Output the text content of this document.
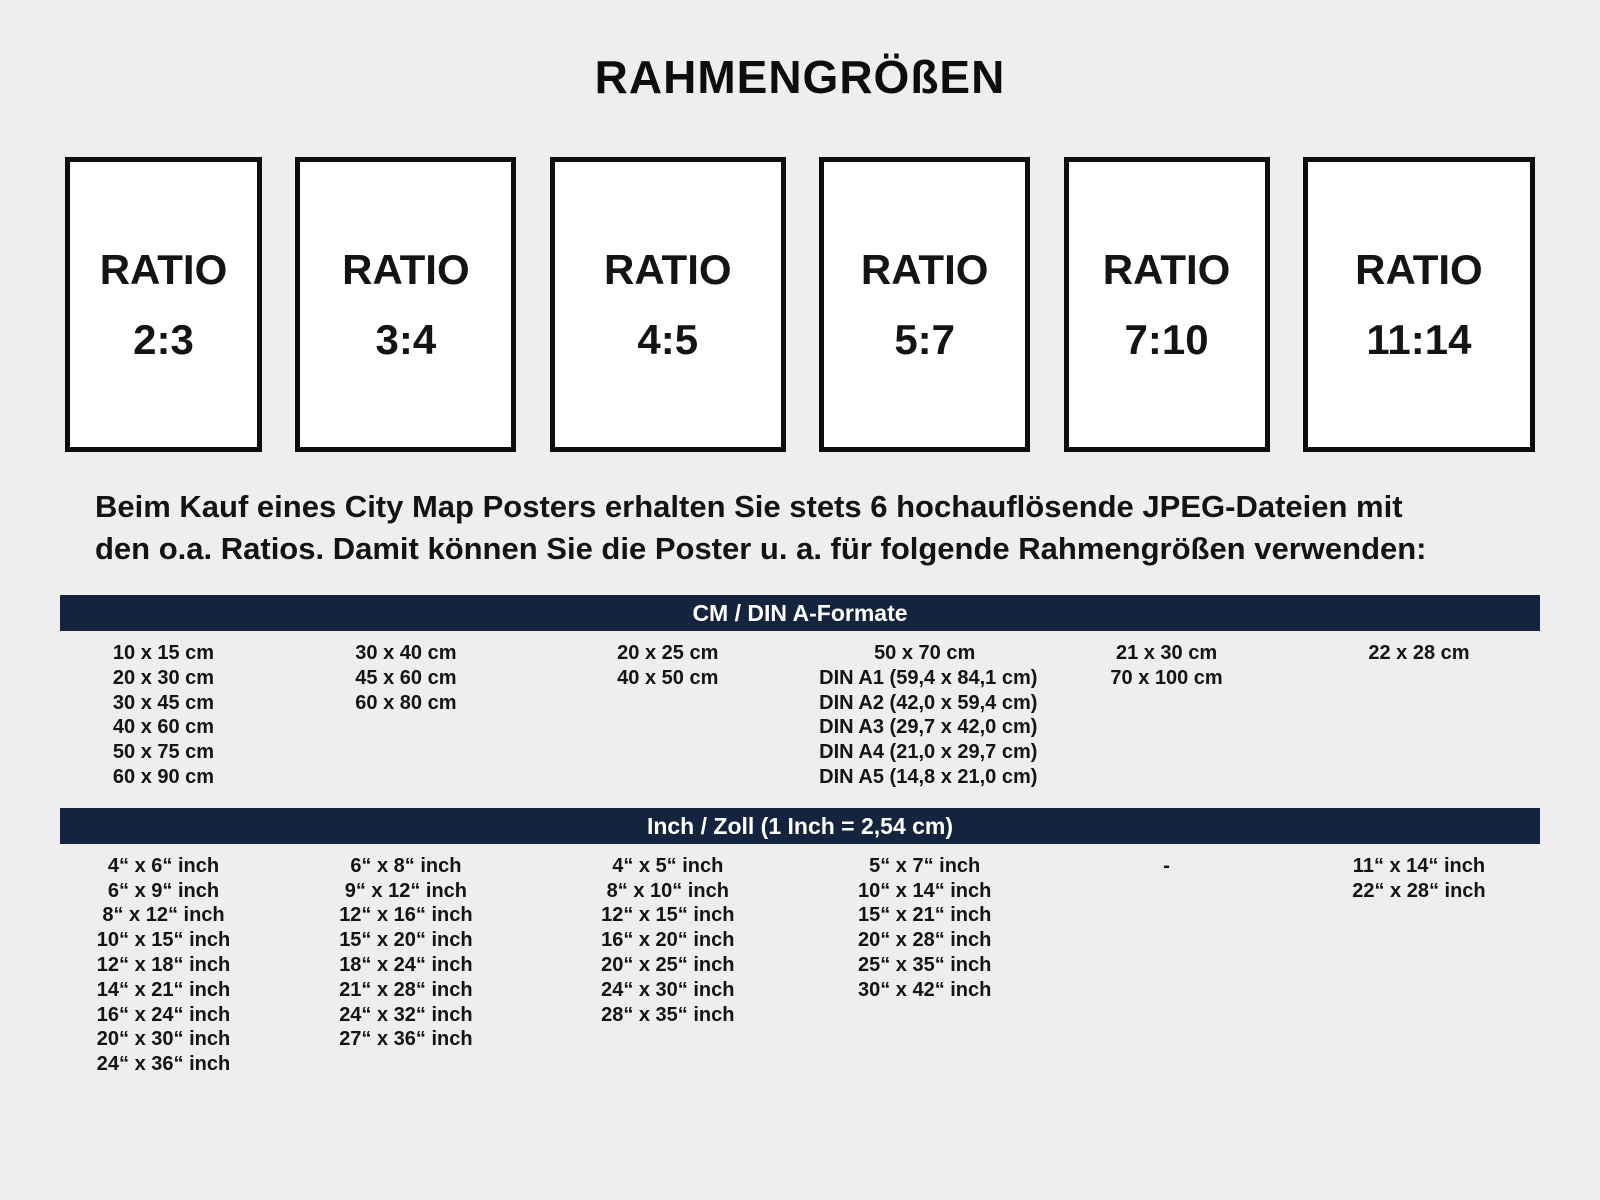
RAHMENGRÖßEN
RATIO
2:3
RATIO
3:4
RATIO
4:5
RATIO
5:7
RATIO
7:10
RATIO
11:14

Beim Kauf eines City Map Posters erhalten Sie stets 6 hochauflösende JPEG-Dateien mit
den o.a. Ratios. Damit können Sie die Poster u. a. für folgende Rahmengrößen verwenden:

CM / DIN A-Formate
10 x 15 cm
20 x 30 cm
30 x 45 cm
40 x 60 cm
50 x 75 cm
60 x 90 cm
30 x 40 cm
45 x 60 cm
60 x 80 cm
20 x 25 cm
40 x 50 cm
50 x 70 cm
DIN A1 (59,4 x 84,1 cm)
DIN A2 (42,0 x 59,4 cm)
DIN A3 (29,7 x 42,0 cm)
DIN A4 (21,0 x 29,7 cm)
DIN A5 (14,8 x 21,0 cm)
21 x 30 cm
70 x 100 cm
22 x 28 cm
Inch / Zoll (1 Inch = 2,54 cm)
4“ x 6“ inch
6“ x 9“ inch
8“ x 12“ inch
10“ x 15“ inch
12“ x 18“ inch
14“ x 21“ inch
16“ x 24“ inch
20“ x 30“ inch
24“ x 36“ inch
6“ x 8“ inch
9“ x 12“ inch
12“ x 16“ inch
15“ x 20“ inch
18“ x 24“ inch
21“ x 28“ inch
24“ x 32“ inch
27“ x 36“ inch
4“ x 5“ inch
8“ x 10“ inch
12“ x 15“ inch
16“ x 20“ inch
20“ x 25“ inch
24“ x 30“ inch
28“ x 35“ inch
5“ x 7“ inch
10“ x 14“ inch
15“ x 21“ inch
20“ x 28“ inch
25“ x 35“ inch
30“ x 42“ inch
-	11“ x 14“ inch
22“ x 28“ inch
